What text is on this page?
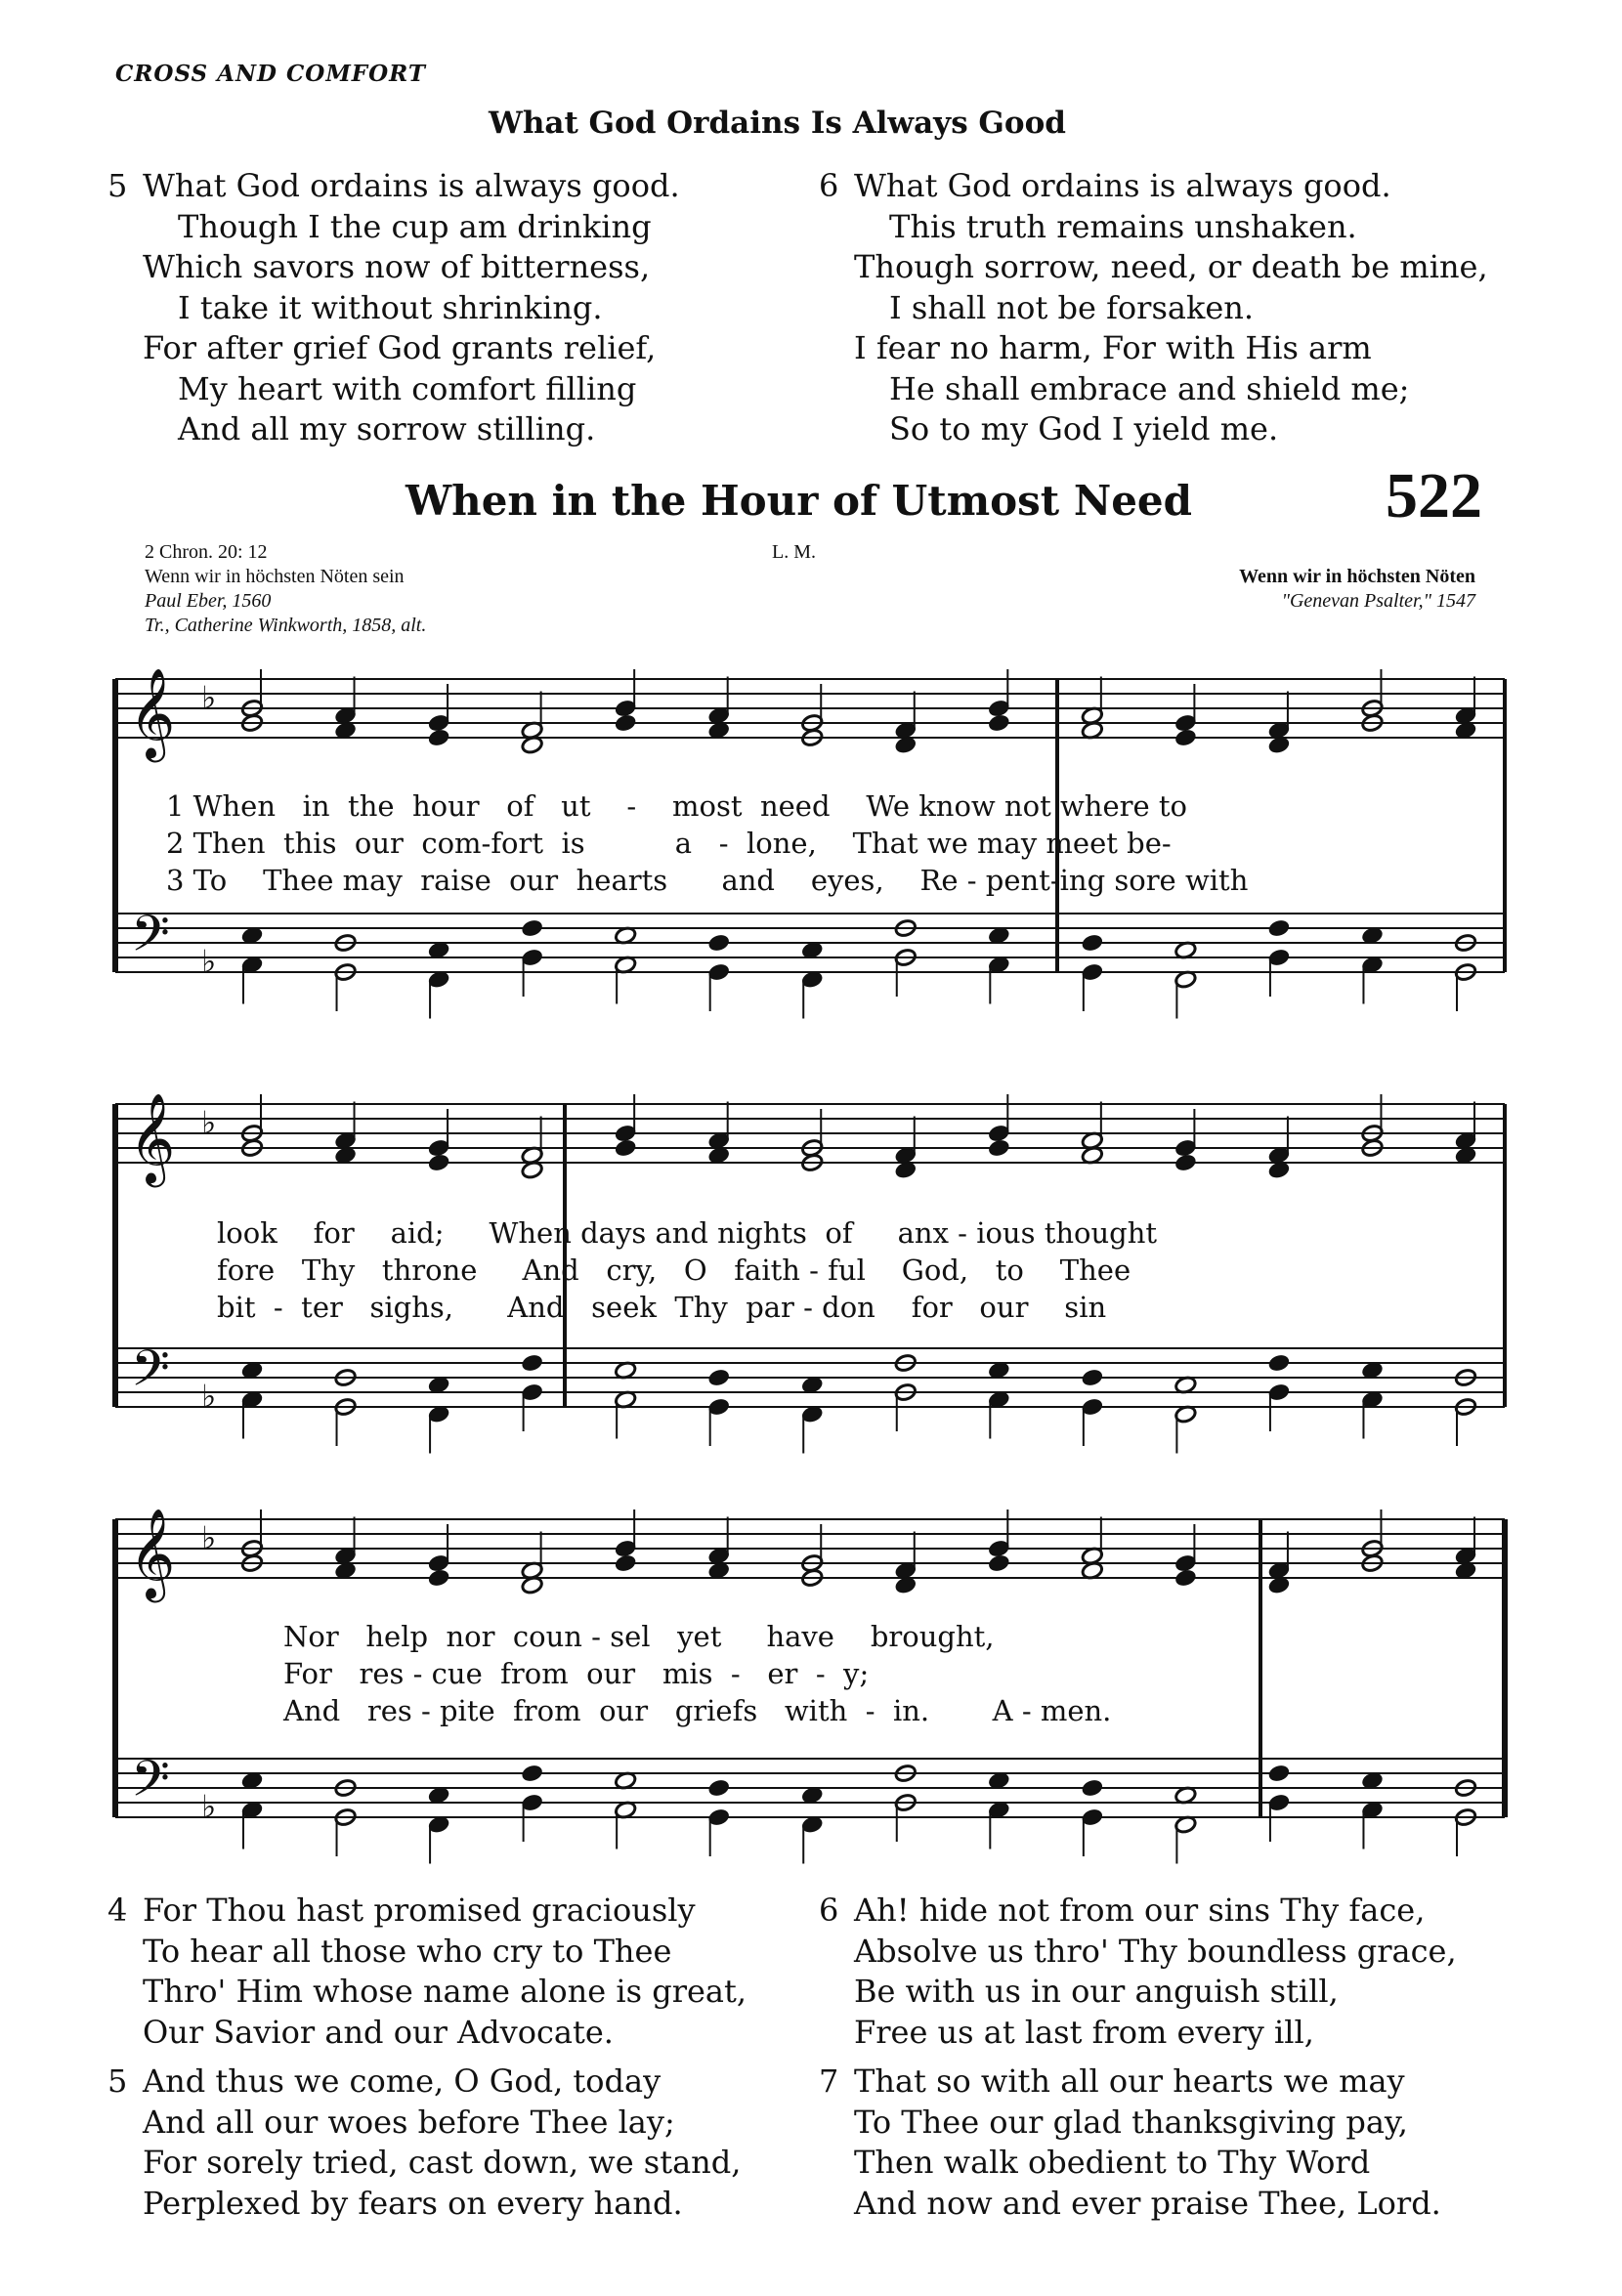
CROSS AND COMFORT
What God Ordains Is Always Good
5 What God ordains is always good.
Though I the cup am drinking
Which savors now of bitterness,
I take it without shrinking.
For after grief God grants relief,
My heart with comfort filling
And all my sorrow stilling.
6 What God ordains is always good.
This truth remains unshaken.
Though sorrow, need, or death be mine,
I shall not be forsaken.
I fear no harm, For with His arm
He shall embrace and shield me;
So to my God I yield me.
When in the Hour of Utmost Need	522
2 Chron. 20: 12
Wenn wir in höchsten Nöten sein
Paul Eber, 1560
Tr., Catherine Winkworth, 1858, alt.
L. M.
Wenn wir in höchsten Nöten
"Genevan Psalter," 1547
𝄞
𝄢
♭
♭
𝄞
𝄢
♭
♭
𝄞
𝄢
♭
♭
1 When   in  the  hour   of   ut    -    most  need    We know not where to
2 Then  this  our  com-fort  is          a   -  lone,    That we may meet be-
3 To    Thee may  raise  our  hearts      and    eyes,    Re - pent-ing sore with
look    for    aid;     When days and nights  of     anx - ious thought
fore   Thy   throne     And   cry,   O   faith - ful    God,   to    Thee
bit  -  ter   sighs,      And   seek  Thy  par - don    for   our    sin
Nor   help  nor  coun - sel   yet     have    brought,
For   res - cue  from  our   mis  -   er  -  y;
And   res - pite  from  our   griefs   with  -  in.       A - men.
4 For Thou hast promised graciously
To hear all those who cry to Thee
Thro' Him whose name alone is great,
Our Savior and our Advocate.
5 And thus we come, O God, today
And all our woes before Thee lay;
For sorely tried, cast down, we stand,
Perplexed by fears on every hand.
6 Ah! hide not from our sins Thy face,
Absolve us thro' Thy boundless grace,
Be with us in our anguish still,
Free us at last from every ill,
7 That so with all our hearts we may
To Thee our glad thanksgiving pay,
Then walk obedient to Thy Word
And now and ever praise Thee, Lord.
